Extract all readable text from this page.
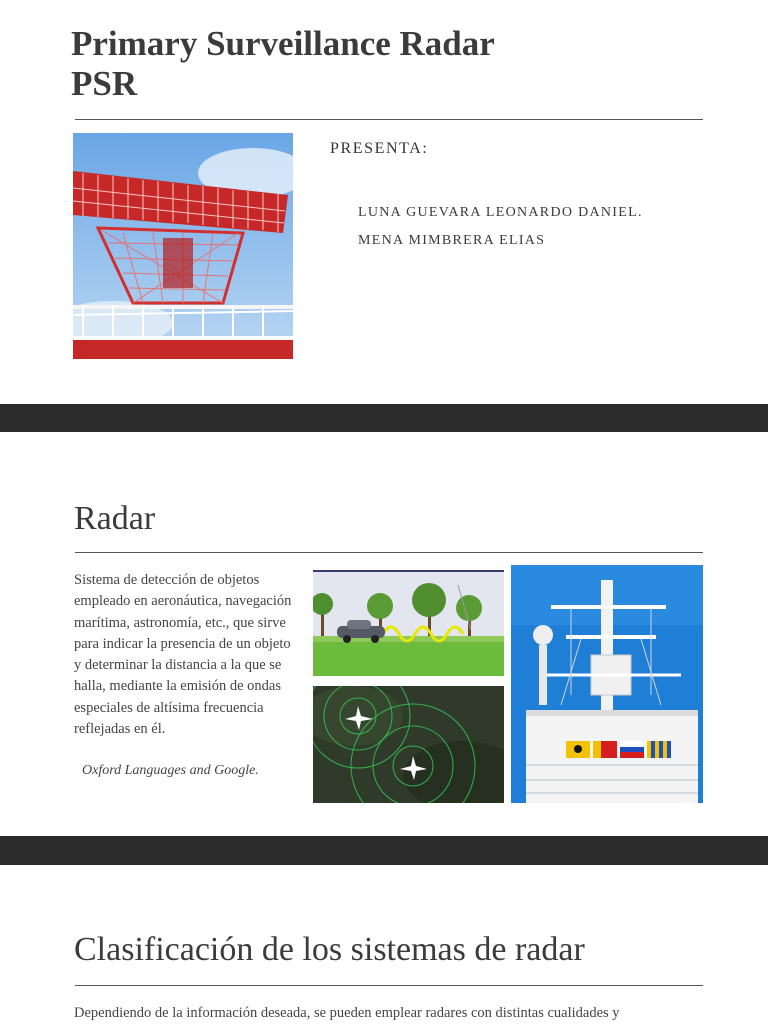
Primary Surveillance Radar
PSR
PRESENTA:
LUNA GUEVARA LEONARDO DANIEL.
MENA MIMBRERA ELIAS
Radar

Sistema de detección de objetos empleado en aeronáutica, navegación marítima, astronomía, etc., que sirve para indicar la presencia de un objeto y determinar la distancia a la que se halla, mediante la emisión de ondas especiales de altísima frecuencia reflejadas en él.

Oxford Languages and Google.
Clasificación de los sistemas de radar

Dependiendo de la información deseada, se pueden emplear radares con distintas cualidades y
